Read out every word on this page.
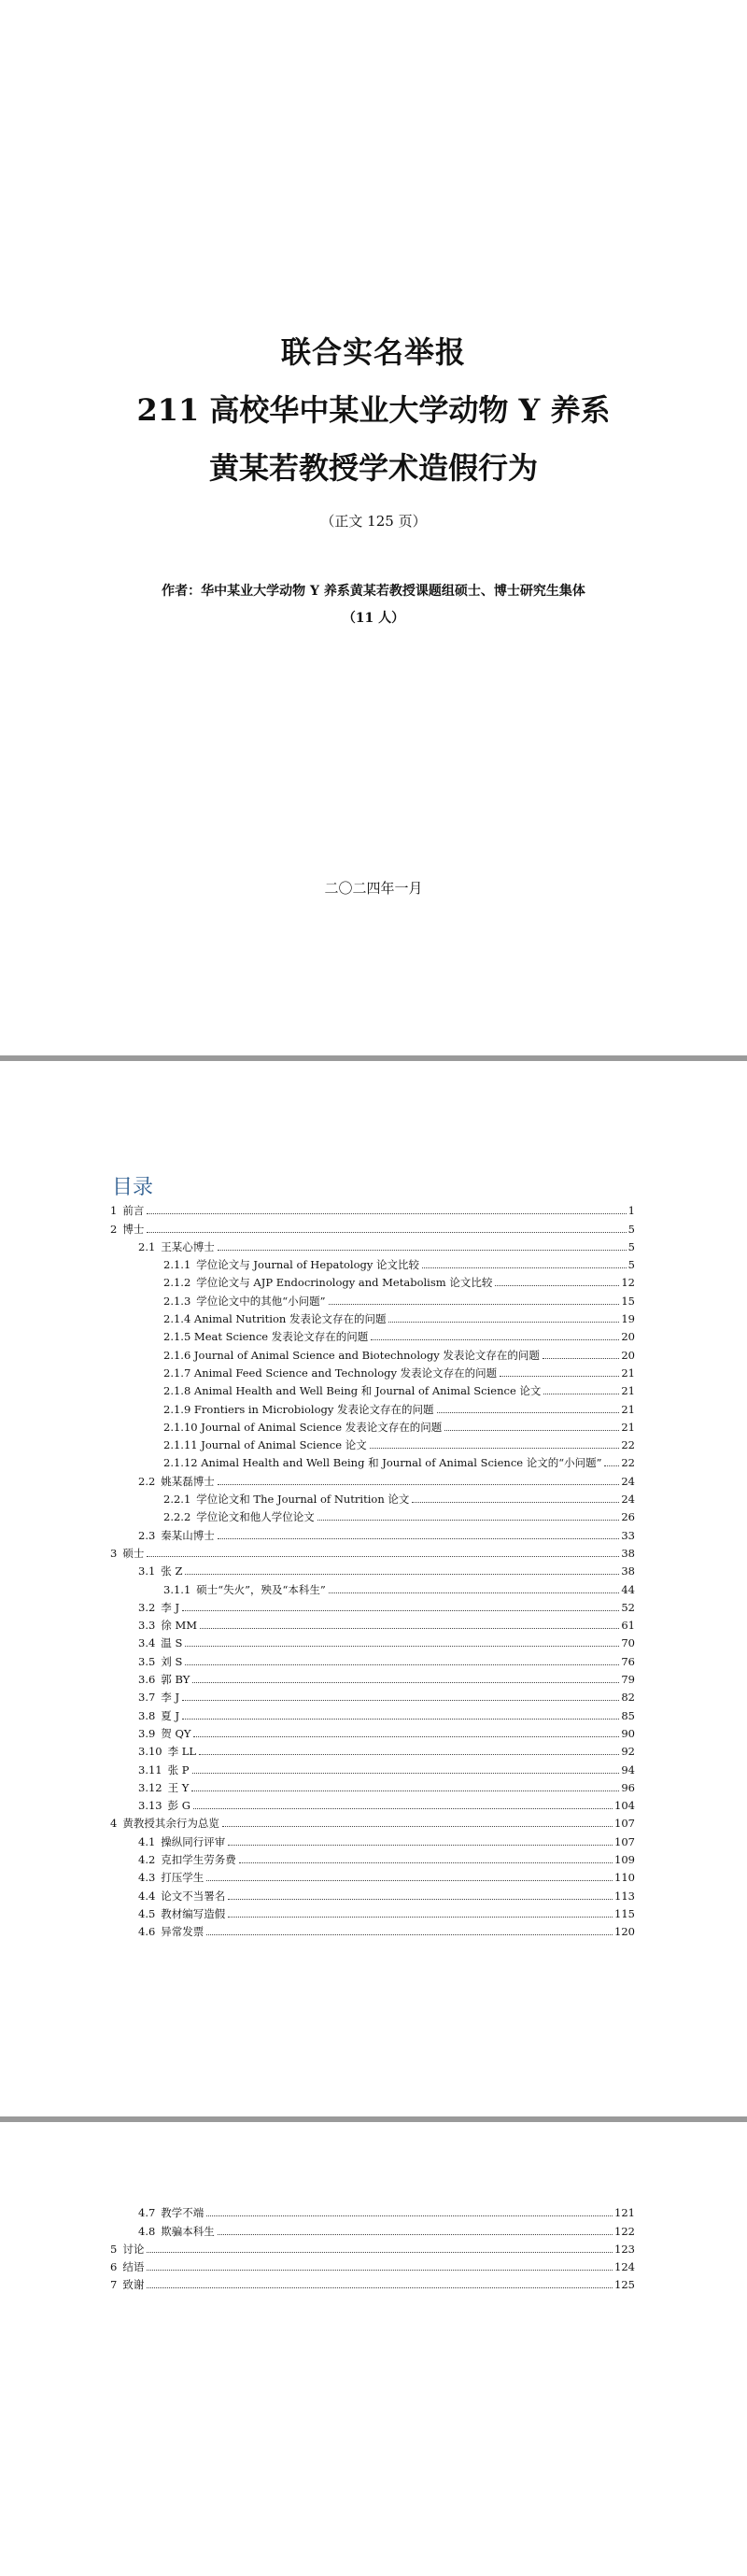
联合实名举报
211 高校华中某业大学动物 Y 养系
黄某若教授学术造假行为
（正文 125 页）
作者：华中某业大学动物 Y 养系黄某若教授课题组硕士、博士研究生集体
（11 人）
二〇二四年一月
目录
1 前言	1
2 博士	5
2.1 王某心博士	5
2.1.1 学位论文与 Journal of Hepatology 论文比较	5
2.1.2 学位论文与 AJP Endocrinology and Metabolism 论文比较	12
2.1.3 学位论文中的其他“小问题”	15
2.1.4 Animal Nutrition 发表论文存在的问题	19
2.1.5 Meat Science 发表论文存在的问题	20
2.1.6 Journal of Animal Science and Biotechnology 发表论文存在的问题	20
2.1.7 Animal Feed Science and Technology 发表论文存在的问题	21
2.1.8 Animal Health and Well Being 和 Journal of Animal Science 论文	21
2.1.9 Frontiers in Microbiology 发表论文存在的问题	21
2.1.10 Journal of Animal Science 发表论文存在的问题	21
2.1.11 Journal of Animal Science 论文	22
2.1.12 Animal Health and Well Being 和 Journal of Animal Science 论文的“小问题” 22
2.2 姚某磊博士	24
2.2.1 学位论文和 The Journal of Nutrition 论文	24
2.2.2 学位论文和他人学位论文	26
2.3 秦某山博士	33
3 硕士	38
3.1 张 Z	38
3.1.1 硕士“失火”，殃及“本科生”	44
3.2 李 J	52
3.3 徐 MM	61
3.4 温 S	70
3.5 刘 S	76
3.6 郭 BY	79
3.7 李 J	82
3.8 夏 J	85
3.9 贺 QY	90
3.10 李 LL	92
3.11 张 P	94
3.12 王 Y	96
3.13 彭 G	104
4 黄教授其余行为总览	107
4.1 操纵同行评审	107
4.2 克扣学生劳务费	109
4.3 打压学生	110
4.4 论文不当署名	113
4.5 教材编写造假	115
4.6 异常发票	120
4.7 教学不端	121
4.8 欺骗本科生	122
5 讨论	123
6 结语	124
7 致谢	125
